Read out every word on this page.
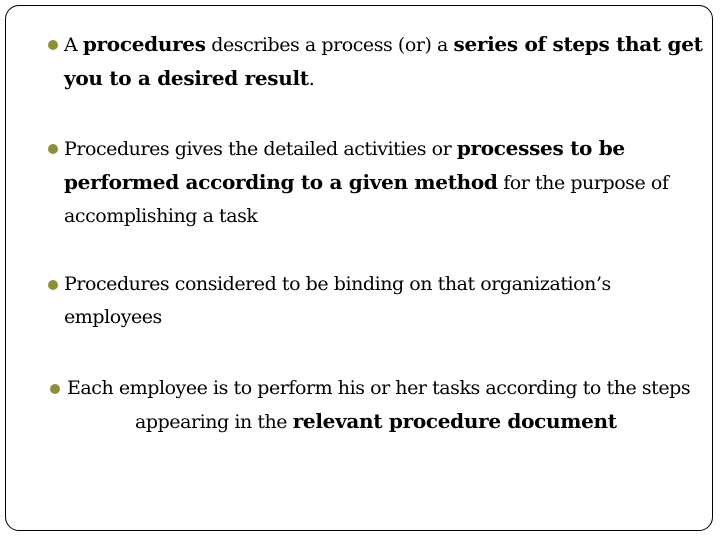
A procedures describes a process (or) a series of steps that get you to a desired result.
Procedures gives the detailed activities or processes to be performed according to a given method for the purpose of accomplishing a task
Procedures considered to be binding on that organization’s employees
Each employee is to perform his or her tasks according to the steps
appearing in the relevant procedure document
